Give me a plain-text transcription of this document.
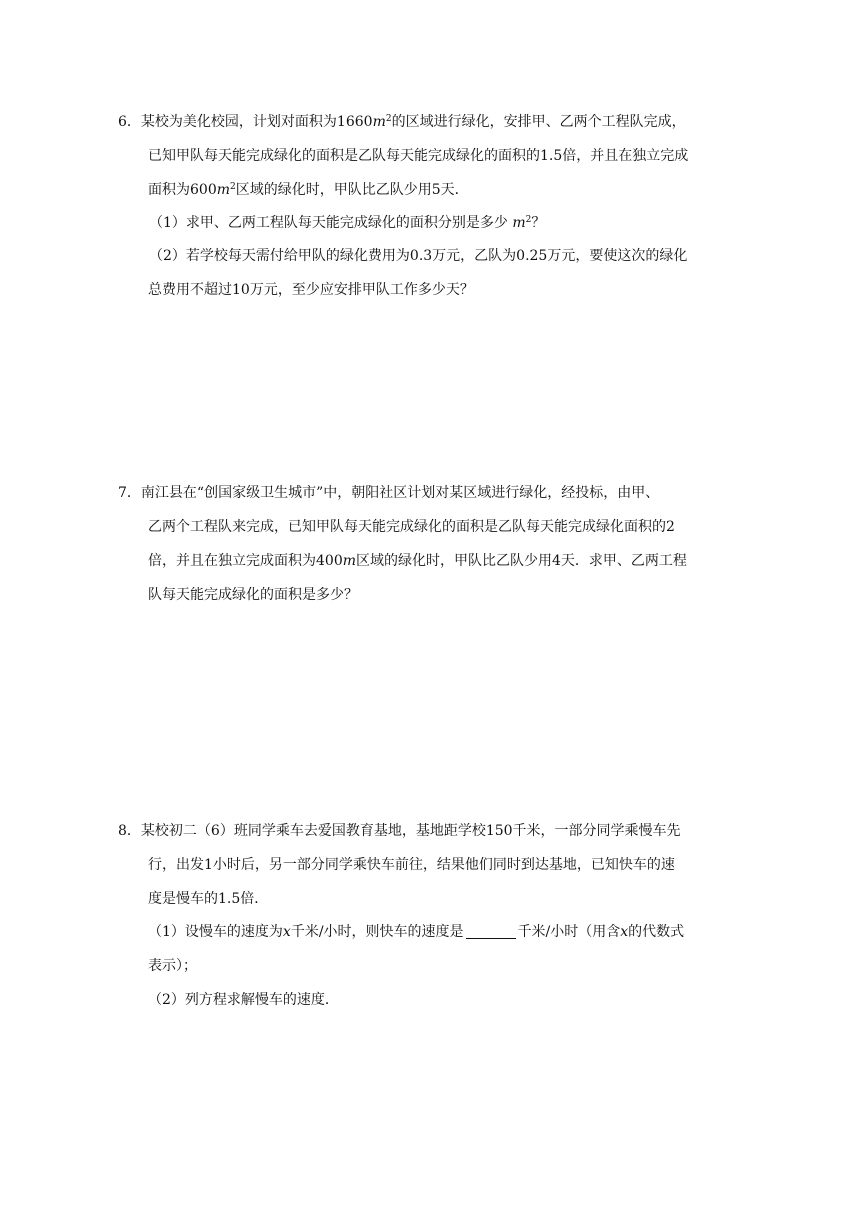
6．某校为美化校园，计划对面积为$1660m^2$的区域进行绿化，安排甲、乙两个工程队完成，
已知甲队每天能完成绿化的面积是乙队每天能完成绿化的面积的1.5倍，并且在独立完成
面积为$600m^2$区域的绿化时，甲队比乙队少用5天．
（1）求甲、乙两工程队每天能完成绿化的面积分别是多少 $m^2$？
（2）若学校每天需付给甲队的绿化费用为0.3万元，乙队为0.25万元，要使这次的绿化
总费用不超过10万元，至少应安排甲队工作多少天？
7．南江县在“创国家级卫生城市”中，朝阳社区计划对某区域进行绿化，经投标，由甲、
乙两个工程队来完成，已知甲队每天能完成绿化的面积是乙队每天能完成绿化面积的2
倍，并且在独立完成面积为400m区域的绿化时，甲队比乙队少用4天．求甲、乙两工程
队每天能完成绿化的面积是多少？
8．某校初二（6）班同学乘车去爱国教育基地，基地距学校150千米，一部分同学乘慢车先
行，出发1小时后，另一部分同学乘快车前往，结果他们同时到达基地，已知快车的速
度是慢车的1.5倍．
（1）设慢车的速度为x千米/小时，则快车的速度是	千米/小时（用含x的代数式
表示）；
（2）列方程求解慢车的速度．
